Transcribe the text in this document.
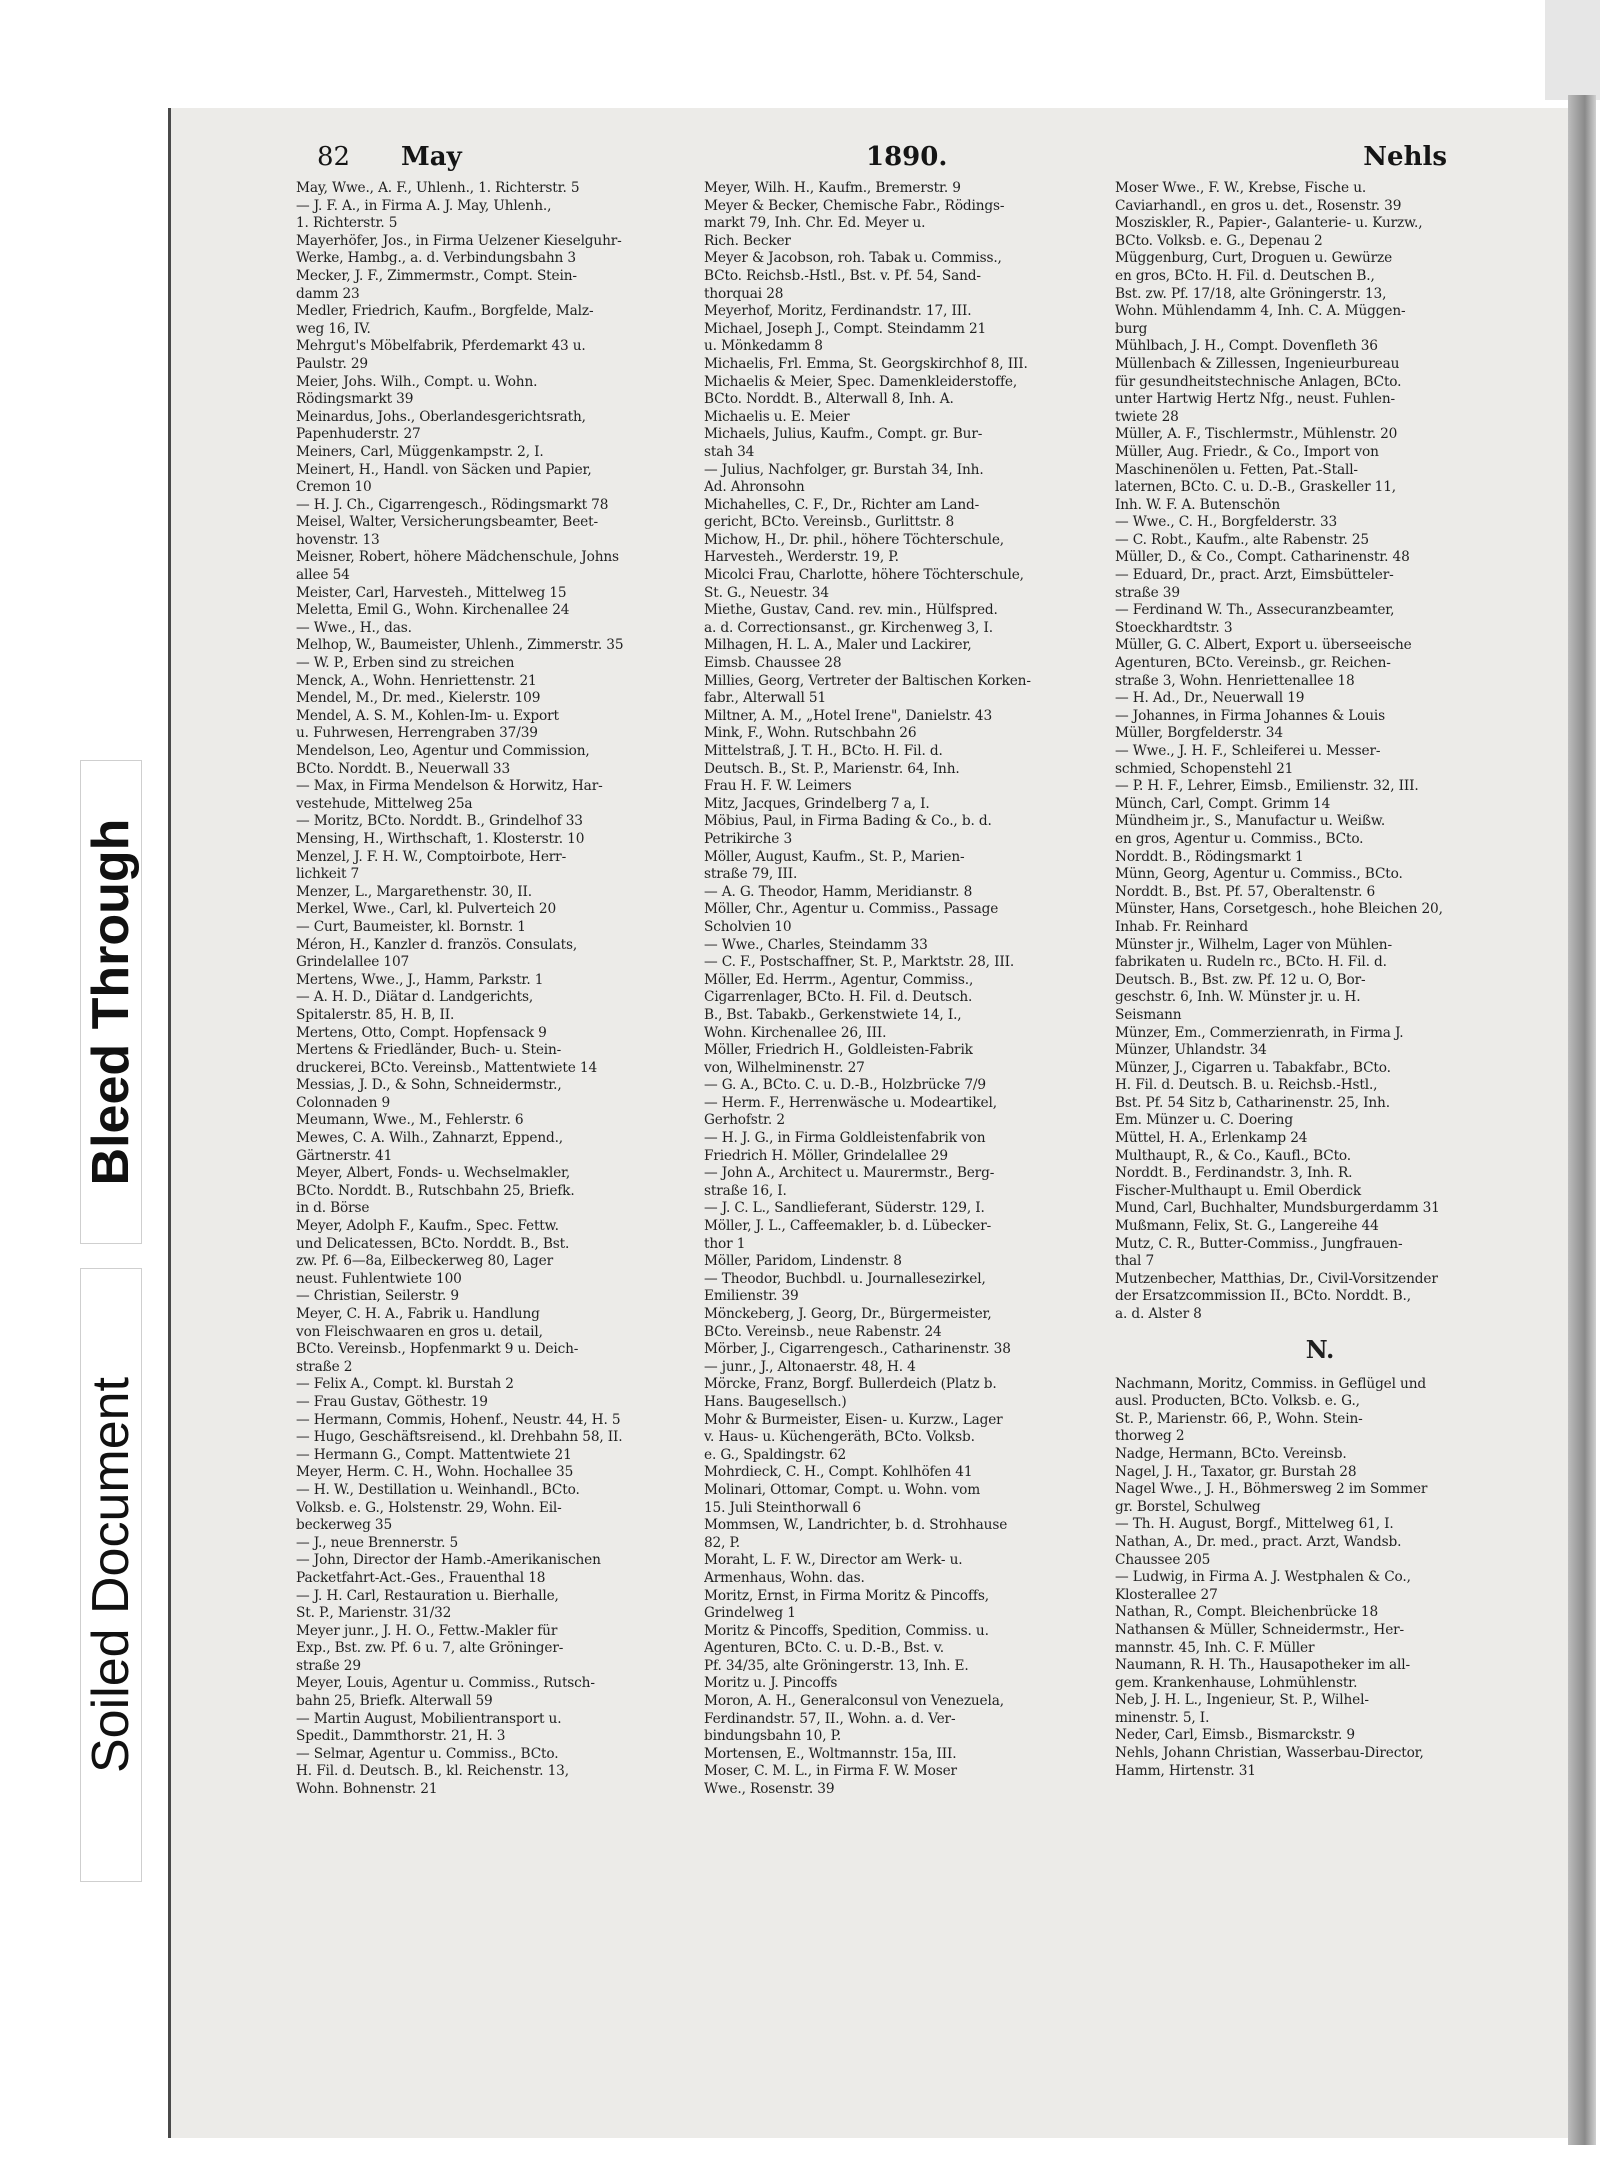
82 May	1890.	Nehls
May, Wwe., A. F., Uhlenh., 1. Richterstr. 5
— J. F. A., in Firma A. J. May, Uhlenh.,
1. Richterstr. 5
Mayerhöfer, Jos., in Firma Uelzener Kieselguhr-
Werke, Hambg., a. d. Verbindungsbahn 3
Mecker, J. F., Zimmermstr., Compt. Stein-
damm 23
Medler, Friedrich, Kaufm., Borgfelde, Malz-
weg 16, IV.
Mehrgut's Möbelfabrik, Pferdemarkt 43 u.
Paulstr. 29
Meier, Johs. Wilh., Compt. u. Wohn.
Rödingsmarkt 39
Meinardus, Johs., Oberlandesgerichtsrath,
Papenhuderstr. 27
Meiners, Carl, Müggenkampstr. 2, I.
Meinert, H., Handl. von Säcken und Papier,
Cremon 10
— H. J. Ch., Cigarrengesch., Rödingsmarkt 78
Meisel, Walter, Versicherungsbeamter, Beet-
hovenstr. 13
Meisner, Robert, höhere Mädchenschule, Johns
allee 54
Meister, Carl, Harvesteh., Mittelweg 15
Meletta, Emil G., Wohn. Kirchenallee 24
— Wwe., H., das.
Melhop, W., Baumeister, Uhlenh., Zimmerstr. 35
— W. P., Erben sind zu streichen
Menck, A., Wohn. Henriettenstr. 21
Mendel, M., Dr. med., Kielerstr. 109
Mendel, A. S. M., Kohlen-Im- u. Export
u. Fuhrwesen, Herrengraben 37/39
Mendelson, Leo, Agentur und Commission,
BCto. Norddt. B., Neuerwall 33
— Max, in Firma Mendelson & Horwitz, Har-
vestehude, Mittelweg 25a
— Moritz, BCto. Norddt. B., Grindelhof 33
Mensing, H., Wirthschaft, 1. Klosterstr. 10
Menzel, J. F. H. W., Comptoirbote, Herr-
lichkeit 7
Menzer, L., Margarethenstr. 30, II.
Merkel, Wwe., Carl, kl. Pulverteich 20
— Curt, Baumeister, kl. Bornstr. 1
Méron, H., Kanzler d. französ. Consulats,
Grindelallee 107
Mertens, Wwe., J., Hamm, Parkstr. 1
— A. H. D., Diätar d. Landgerichts,
Spitalerstr. 85, H. B, II.
Mertens, Otto, Compt. Hopfensack 9
Mertens & Friedländer, Buch- u. Stein-
druckerei, BCto. Vereinsb., Mattentwiete 14
Messias, J. D., & Sohn, Schneidermstr.,
Colonnaden 9
Meumann, Wwe., M., Fehlerstr. 6
Mewes, C. A. Wilh., Zahnarzt, Eppend.,
Gärtnerstr. 41
Meyer, Albert, Fonds- u. Wechselmakler,
BCto. Norddt. B., Rutschbahn 25, Briefk.
in d. Börse
Meyer, Adolph F., Kaufm., Spec. Fettw.
und Delicatessen, BCto. Norddt. B., Bst.
zw. Pf. 6—8a, Eilbeckerweg 80, Lager
neust. Fuhlentwiete 100
— Christian, Seilerstr. 9
Meyer, C. H. A., Fabrik u. Handlung
von Fleischwaaren en gros u. detail,
BCto. Vereinsb., Hopfenmarkt 9 u. Deich-
straße 2
— Felix A., Compt. kl. Burstah 2
— Frau Gustav, Göthestr. 19
— Hermann, Commis, Hohenf., Neustr. 44, H. 5
— Hugo, Geschäftsreisend., kl. Drehbahn 58, II.
— Hermann G., Compt. Mattentwiete 21
Meyer, Herm. C. H., Wohn. Hochallee 35
— H. W., Destillation u. Weinhandl., BCto.
Volksb. e. G., Holstenstr. 29, Wohn. Eil-
beckerweg 35
— J., neue Brennerstr. 5
— John, Director der Hamb.-Amerikanischen
Packetfahrt-Act.-Ges., Frauenthal 18
— J. H. Carl, Restauration u. Bierhalle,
St. P., Marienstr. 31/32
Meyer junr., J. H. O., Fettw.-Makler für
Exp., Bst. zw. Pf. 6 u. 7, alte Gröninger-
straße 29
Meyer, Louis, Agentur u. Commiss., Rutsch-
bahn 25, Briefk. Alterwall 59
— Martin August, Mobilientransport u.
Spedit., Dammthorstr. 21, H. 3
— Selmar, Agentur u. Commiss., BCto.
H. Fil. d. Deutsch. B., kl. Reichenstr. 13,
Wohn. Bohnenstr. 21
Meyer, Wilh. H., Kaufm., Bremerstr. 9
Meyer & Becker, Chemische Fabr., Rödings-
markt 79, Inh. Chr. Ed. Meyer u.
Rich. Becker
Meyer & Jacobson, roh. Tabak u. Commiss.,
BCto. Reichsb.-Hstl., Bst. v. Pf. 54, Sand-
thorquai 28
Meyerhof, Moritz, Ferdinandstr. 17, III.
Michael, Joseph J., Compt. Steindamm 21
u. Mönkedamm 8
Michaelis, Frl. Emma, St. Georgskirchhof 8, III.
Michaelis & Meier, Spec. Damenkleiderstoffe,
BCto. Norddt. B., Alterwall 8, Inh. A.
Michaelis u. E. Meier
Michaels, Julius, Kaufm., Compt. gr. Bur-
stah 34
— Julius, Nachfolger, gr. Burstah 34, Inh.
Ad. Ahronsohn
Michahelles, C. F., Dr., Richter am Land-
gericht, BCto. Vereinsb., Gurlittstr. 8
Michow, H., Dr. phil., höhere Töchterschule,
Harvesteh., Werderstr. 19, P.
Micolci Frau, Charlotte, höhere Töchterschule,
St. G., Neuestr. 34
Miethe, Gustav, Cand. rev. min., Hülfspred.
a. d. Correctionsanst., gr. Kirchenweg 3, I.
Milhagen, H. L. A., Maler und Lackirer,
Eimsb. Chaussee 28
Millies, Georg, Vertreter der Baltischen Korken-
fabr., Alterwall 51
Miltner, A. M., „Hotel Irene", Danielstr. 43
Mink, F., Wohn. Rutschbahn 26
Mittelstraß, J. T. H., BCto. H. Fil. d.
Deutsch. B., St. P., Marienstr. 64, Inh.
Frau H. F. W. Leimers
Mitz, Jacques, Grindelberg 7 a, I.
Möbius, Paul, in Firma Bading & Co., b. d.
Petrikirche 3
Möller, August, Kaufm., St. P., Marien-
straße 79, III.
— A. G. Theodor, Hamm, Meridianstr. 8
Möller, Chr., Agentur u. Commiss., Passage
Scholvien 10
— Wwe., Charles, Steindamm 33
— C. F., Postschaffner, St. P., Marktstr. 28, III.
Möller, Ed. Herrm., Agentur, Commiss.,
Cigarrenlager, BCto. H. Fil. d. Deutsch.
B., Bst. Tabakb., Gerkenstwiete 14, I.,
Wohn. Kirchenallee 26, III.
Möller, Friedrich H., Goldleisten-Fabrik
von, Wilhelminenstr. 27
— G. A., BCto. C. u. D.-B., Holzbrücke 7/9
— Herm. F., Herrenwäsche u. Modeartikel,
Gerhofstr. 2
— H. J. G., in Firma Goldleistenfabrik von
Friedrich H. Möller, Grindelallee 29
— John A., Architect u. Maurermstr., Berg-
straße 16, I.
— J. C. L., Sandlieferant, Süderstr. 129, I.
Möller, J. L., Caffeemakler, b. d. Lübecker-
thor 1
Möller, Paridom, Lindenstr. 8
— Theodor, Buchbdl. u. Journallesezirkel,
Emilienstr. 39
Mönckeberg, J. Georg, Dr., Bürgermeister,
BCto. Vereinsb., neue Rabenstr. 24
Mörber, J., Cigarrengesch., Catharinenstr. 38
— junr., J., Altonaerstr. 48, H. 4
Mörcke, Franz, Borgf. Bullerdeich (Platz b.
Hans. Baugesellsch.)
Mohr & Burmeister, Eisen- u. Kurzw., Lager
v. Haus- u. Küchengeräth, BCto. Volksb.
e. G., Spaldingstr. 62
Mohrdieck, C. H., Compt. Kohlhöfen 41
Molinari, Ottomar, Compt. u. Wohn. vom
15. Juli Steinthorwall 6
Mommsen, W., Landrichter, b. d. Strohhause
82, P.
Moraht, L. F. W., Director am Werk- u.
Armenhaus, Wohn. das.
Moritz, Ernst, in Firma Moritz & Pincoffs,
Grindelweg 1
Moritz & Pincoffs, Spedition, Commiss. u.
Agenturen, BCto. C. u. D.-B., Bst. v.
Pf. 34/35, alte Gröningerstr. 13, Inh. E.
Moritz u. J. Pincoffs
Moron, A. H., Generalconsul von Venezuela,
Ferdinandstr. 57, II., Wohn. a. d. Ver-
bindungsbahn 10, P.
Mortensen, E., Woltmannstr. 15a, III.
Moser, C. M. L., in Firma F. W. Moser
Wwe., Rosenstr. 39
Moser Wwe., F. W., Krebse, Fische u.
Caviarhandl., en gros u. det., Rosenstr. 39
Mosziskler, R., Papier-, Galanterie- u. Kurzw.,
BCto. Volksb. e. G., Depenau 2
Müggenburg, Curt, Droguen u. Gewürze
en gros, BCto. H. Fil. d. Deutschen B.,
Bst. zw. Pf. 17/18, alte Gröningerstr. 13,
Wohn. Mühlendamm 4, Inh. C. A. Müggen-
burg
Mühlbach, J. H., Compt. Dovenfleth 36
Müllenbach & Zillessen, Ingenieurbureau
für gesundheitstechnische Anlagen, BCto.
unter Hartwig Hertz Nfg., neust. Fuhlen-
twiete 28
Müller, A. F., Tischlermstr., Mühlenstr. 20
Müller, Aug. Friedr., & Co., Import von
Maschinenölen u. Fetten, Pat.-Stall-
laternen, BCto. C. u. D.-B., Graskeller 11,
Inh. W. F. A. Butenschön
— Wwe., C. H., Borgfelderstr. 33
— C. Robt., Kaufm., alte Rabenstr. 25
Müller, D., & Co., Compt. Catharinenstr. 48
— Eduard, Dr., pract. Arzt, Eimsbütteler-
straße 39
— Ferdinand W. Th., Assecuranzbeamter,
Stoeckhardtstr. 3
Müller, G. C. Albert, Export u. überseeische
Agenturen, BCto. Vereinsb., gr. Reichen-
straße 3, Wohn. Henriettenallee 18
— H. Ad., Dr., Neuerwall 19
— Johannes, in Firma Johannes & Louis
Müller, Borgfelderstr. 34
— Wwe., J. H. F., Schleiferei u. Messer-
schmied, Schopenstehl 21
— P. H. F., Lehrer, Eimsb., Emilienstr. 32, III.
Münch, Carl, Compt. Grimm 14
Mündheim jr., S., Manufactur u. Weißw.
en gros, Agentur u. Commiss., BCto.
Norddt. B., Rödingsmarkt 1
Münn, Georg, Agentur u. Commiss., BCto.
Norddt. B., Bst. Pf. 57, Oberaltenstr. 6
Münster, Hans, Corsetgesch., hohe Bleichen 20,
Inhab. Fr. Reinhard
Münster jr., Wilhelm, Lager von Mühlen-
fabrikaten u. Rudeln rc., BCto. H. Fil. d.
Deutsch. B., Bst. zw. Pf. 12 u. O, Bor-
geschstr. 6, Inh. W. Münster jr. u. H.
Seismann
Münzer, Em., Commerzienrath, in Firma J.
Münzer, Uhlandstr. 34
Münzer, J., Cigarren u. Tabakfabr., BCto.
H. Fil. d. Deutsch. B. u. Reichsb.-Hstl.,
Bst. Pf. 54 Sitz b, Catharinenstr. 25, Inh.
Em. Münzer u. C. Doering
Müttel, H. A., Erlenkamp 24
Multhaupt, R., & Co., Kaufl., BCto.
Norddt. B., Ferdinandstr. 3, Inh. R.
Fischer-Multhaupt u. Emil Oberdick
Mund, Carl, Buchhalter, Mundsburgerdamm 31
Mußmann, Felix, St. G., Langereihe 44
Mutz, C. R., Butter-Commiss., Jungfrauen-
thal 7
Mutzenbecher, Matthias, Dr., Civil-Vorsitzender
der Ersatzcommission II., BCto. Norddt. B.,
a. d. Alster 8
N.
Nachmann, Moritz, Commiss. in Geflügel und
ausl. Producten, BCto. Volksb. e. G.,
St. P., Marienstr. 66, P., Wohn. Stein-
thorweg 2
Nadge, Hermann, BCto. Vereinsb.
Nagel, J. H., Taxator, gr. Burstah 28
Nagel Wwe., J. H., Böhmersweg 2 im Sommer
gr. Borstel, Schulweg
— Th. H. August, Borgf., Mittelweg 61, I.
Nathan, A., Dr. med., pract. Arzt, Wandsb.
Chaussee 205
— Ludwig, in Firma A. J. Westphalen & Co.,
Klosterallee 27
Nathan, R., Compt. Bleichenbrücke 18
Nathansen & Müller, Schneidermstr., Her-
mannstr. 45, Inh. C. F. Müller
Naumann, R. H. Th., Hausapotheker im all-
gem. Krankenhause, Lohmühlenstr.
Neb, J. H. L., Ingenieur, St. P., Wilhel-
minenstr. 5, I.
Neder, Carl, Eimsb., Bismarckstr. 9
Nehls, Johann Christian, Wasserbau-Director,
Hamm, Hirtenstr. 31
Bleed Through
Soiled Document
